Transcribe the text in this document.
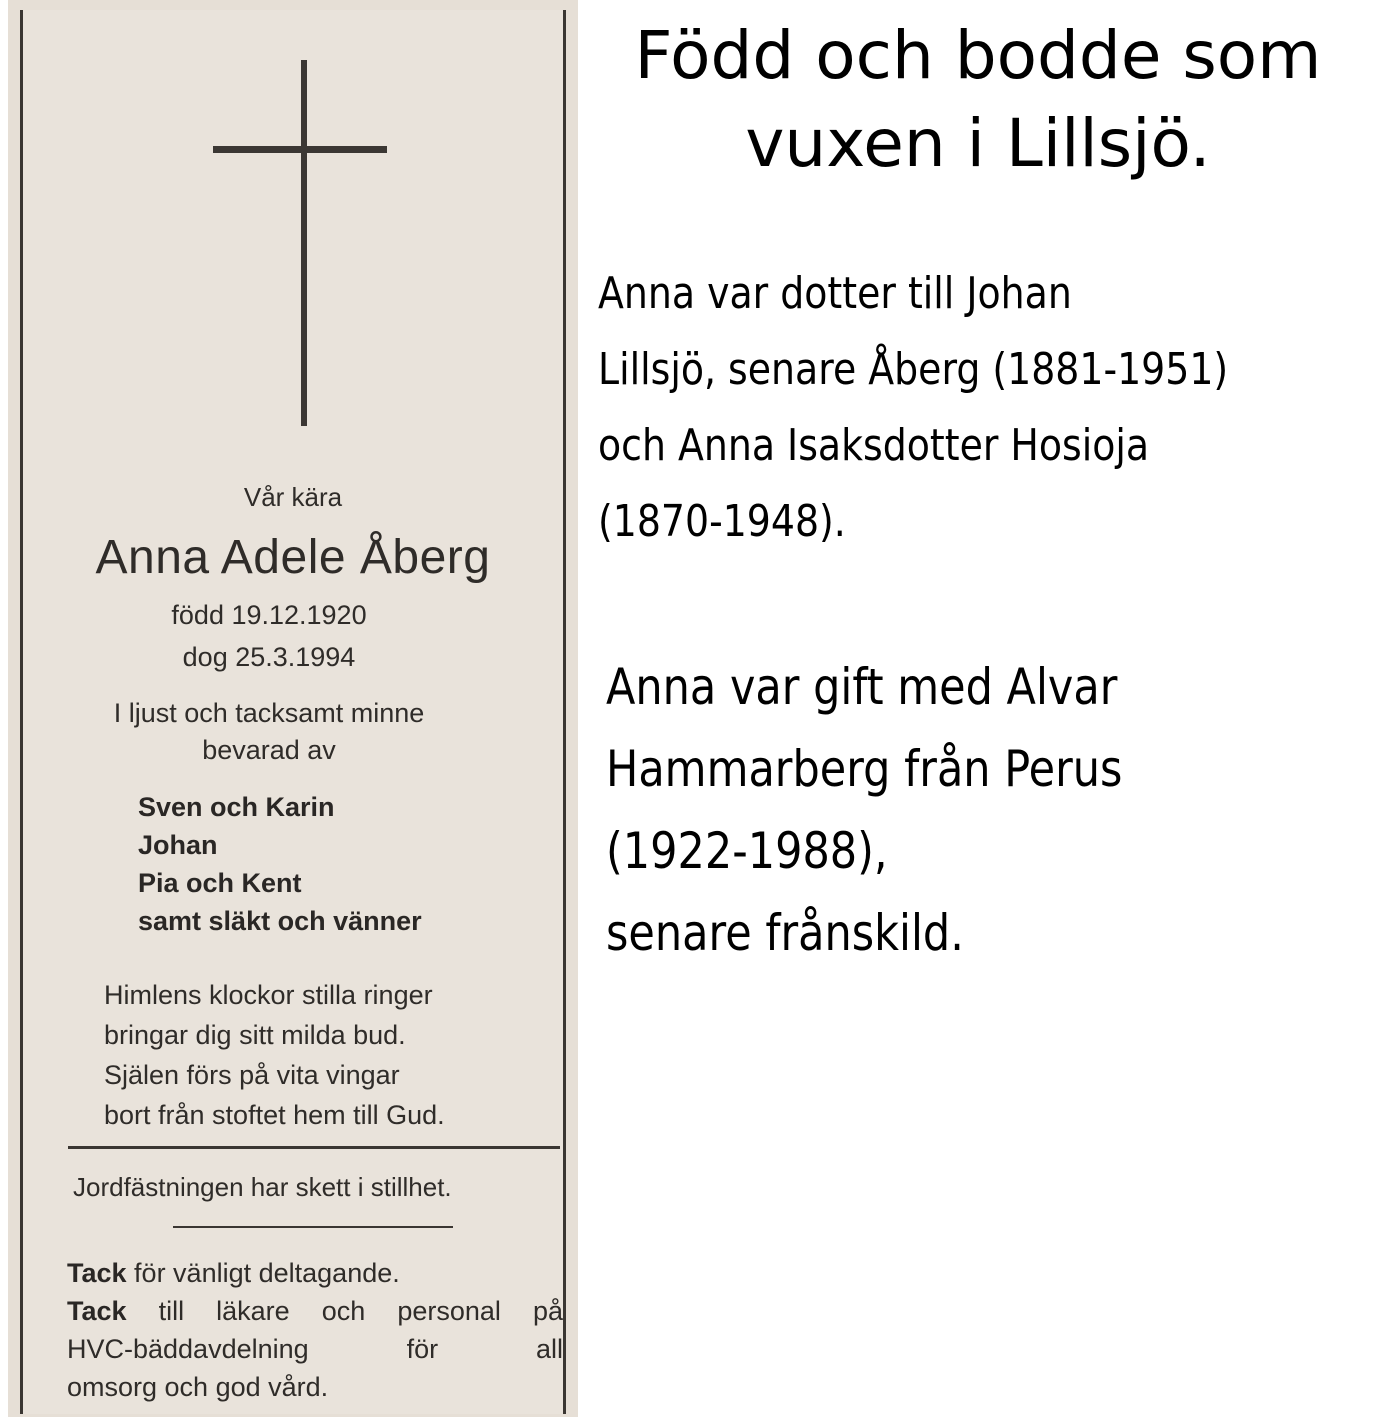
Vår kära
Anna Adele Åberg
född 19.12.1920
dog 25.3.1994
I ljust och tacksamt minne
bevarad av
Sven och Karin
Johan
Pia och Kent
samt släkt och vänner
Himlens klockor stilla ringer
bringar dig sitt milda bud.
Själen förs på vita vingar
bort från stoftet hem till Gud.
Jordfästningen har skett i stillhet.

Tack för vänligt deltagande.

Tack till läkare och personal på

HVC-bäddavdelning för all

omsorg och god vård.

Född och bodde som
vuxen i Lillsjö.
Anna var dotter till Johan
Lillsjö, senare Åberg (1881-1951)
och Anna Isaksdotter Hosioja
(1870-1948).
Anna var gift med Alvar
Hammarberg från Perus
(1922-1988),
senare frånskild.
